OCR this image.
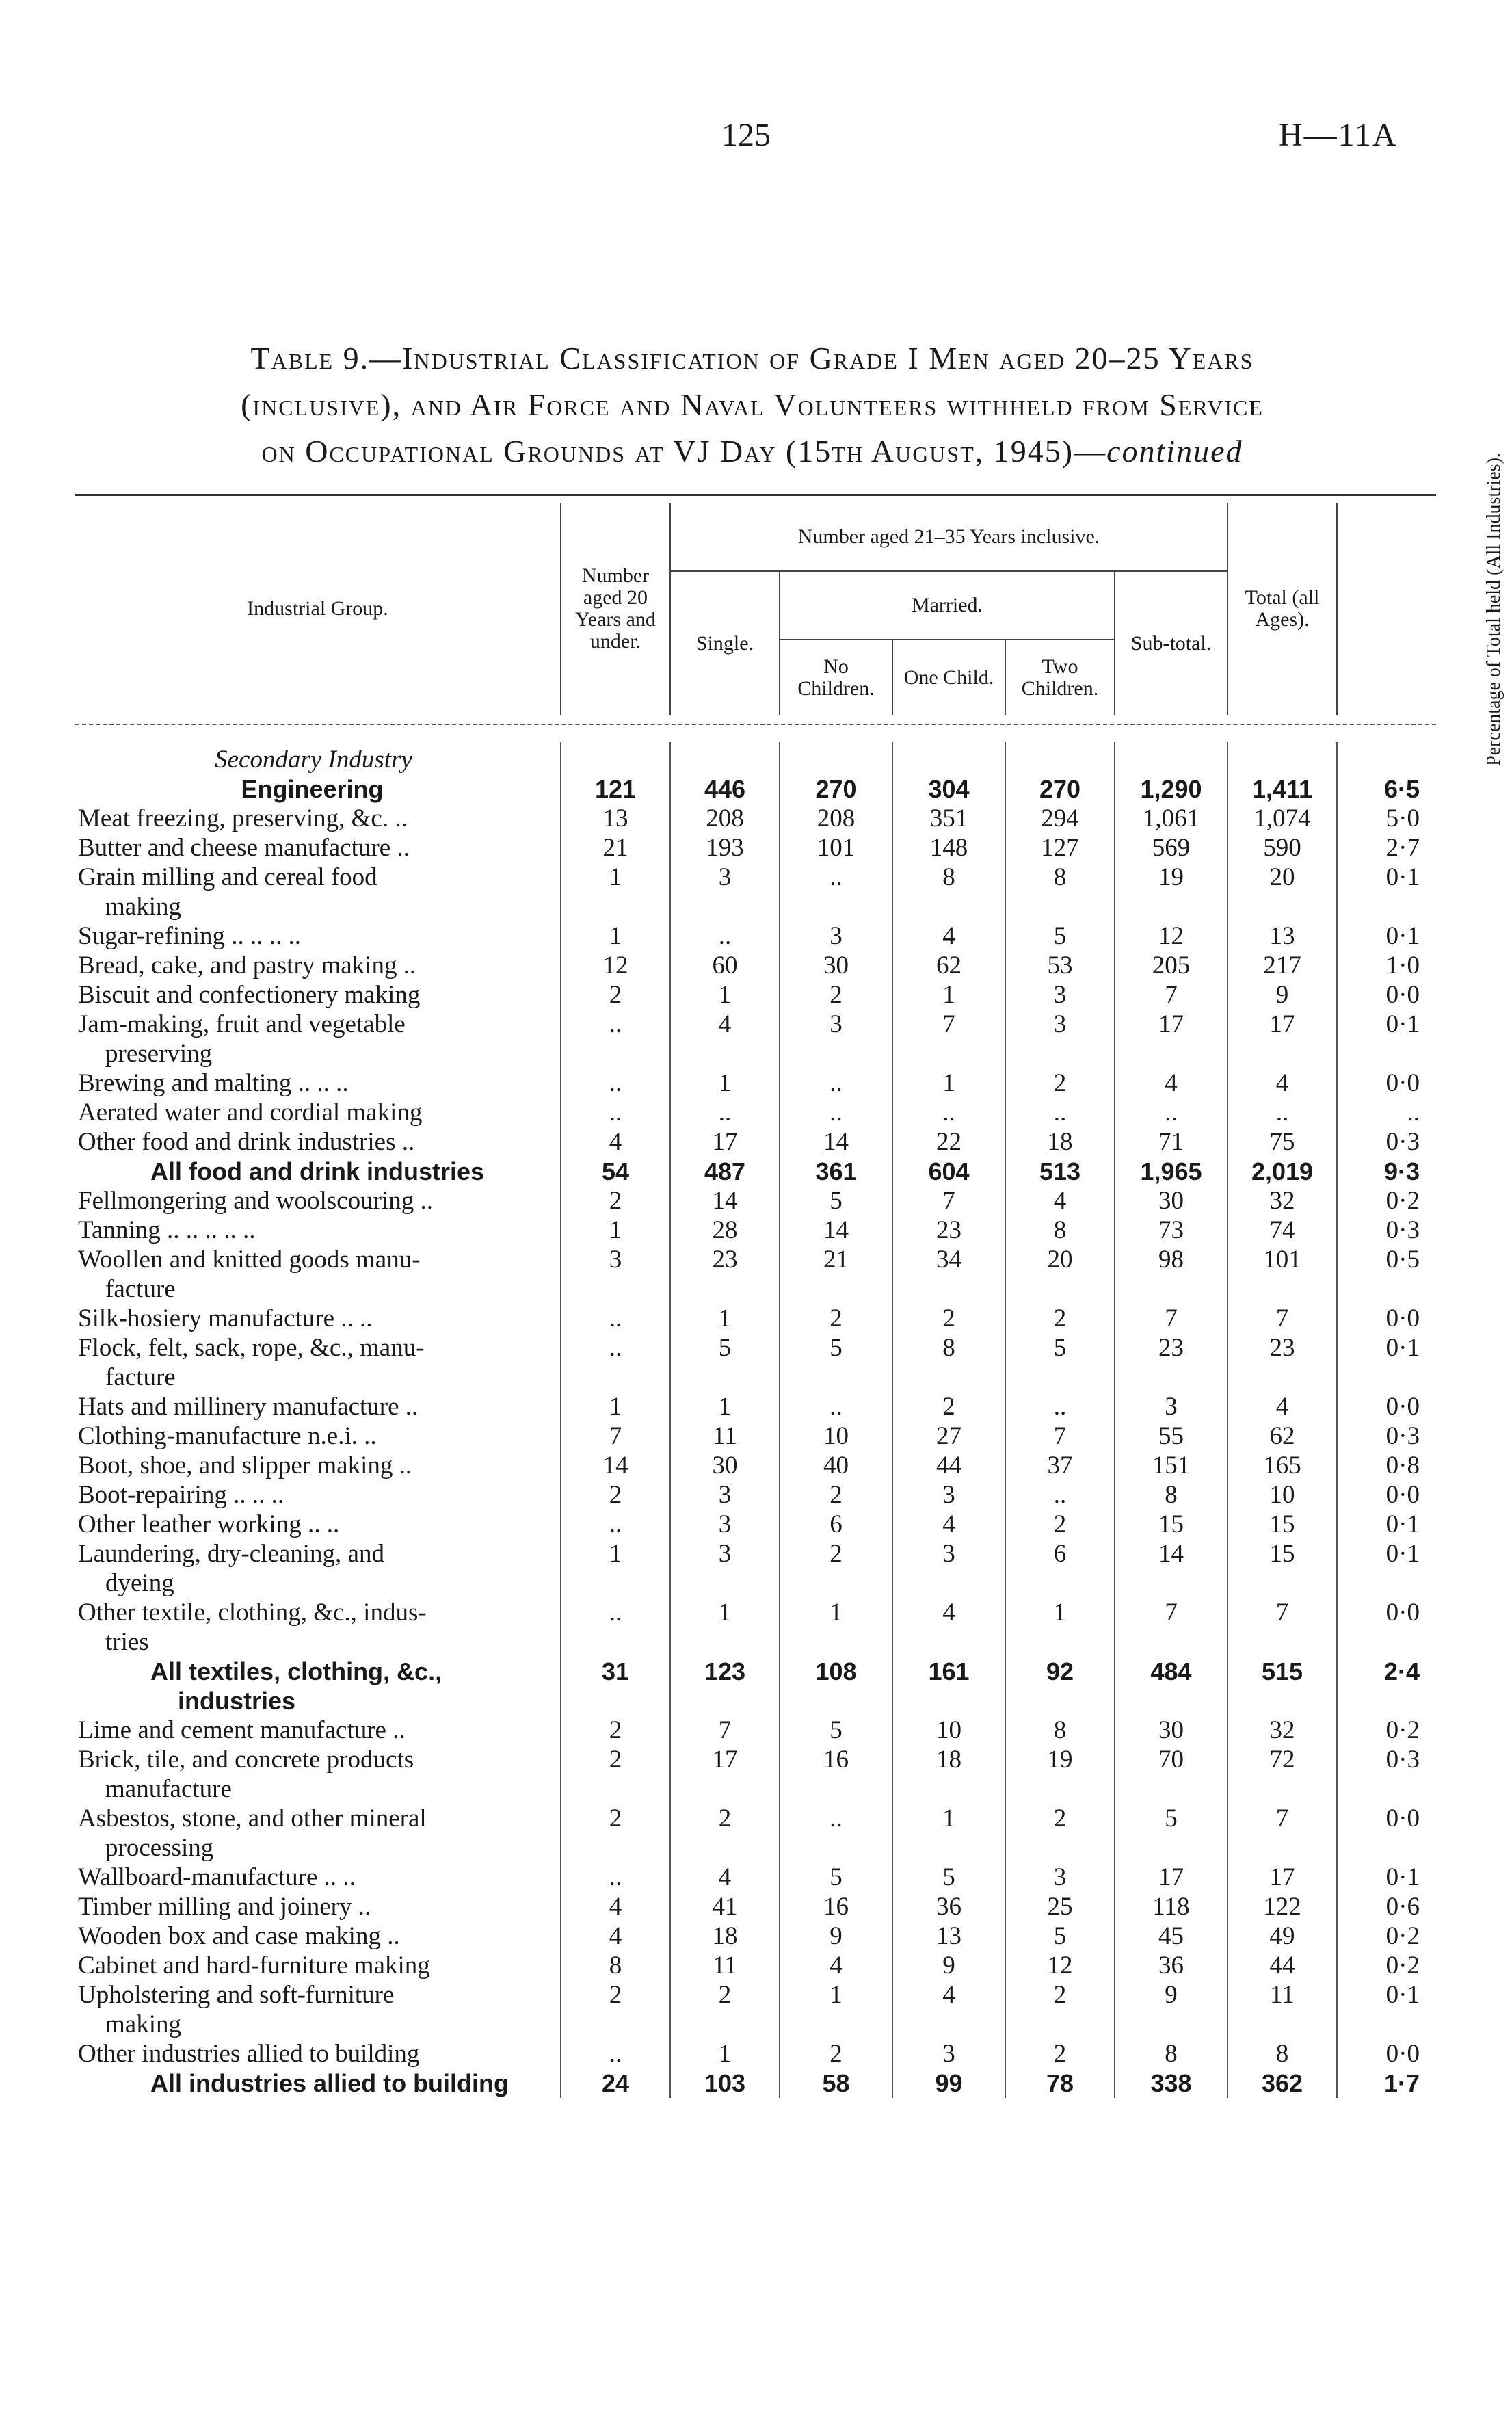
125	H—11A
Table 9.—Industrial Classification of Grade I Men aged 20–25 Years
(inclusive), and Air Force and Naval Volunteers withheld from Service
on Occupational Grounds at VJ Day (15th August, 1945)—continued
Industrial Group.	Number aged 20 Years and under.	Number aged 21–35 Years inclusive.					Total (all Ages).	Percentage of Total held (All Industries).
		Single.	Married.			Sub-total.		
			No Children.	One Child.	Two Children.			
Secondary Industry								

Engineering	121	446	270	304	270	1,290	1,411	6·5

Meat freezing, preserving, &c. ..	13	208	208	351	294	1,061	1,074	5·0

Butter and cheese manufacture ..	21	193	101	148	127	569	590	2·7

Grain milling and cereal food
making	1	3	..	8	8	19	20	0·1

Sugar-refining .. .. .. ..	1	..	3	4	5	12	13	0·1

Bread, cake, and pastry making ..	12	60	30	62	53	205	217	1·0

Biscuit and confectionery making	2	1	2	1	3	7	9	0·0

Jam-making, fruit and vegetable
preserving	..	4	3	7	3	17	17	0·1

Brewing and malting .. .. ..	..	1	..	1	2	4	4	0·0

Aerated water and cordial making	..	..	..	..	..	..	..	..

Other food and drink industries ..	4	17	14	22	18	71	75	0·3

All food and drink industries	54	487	361	604	513	1,965	2,019	9·3

Fellmongering and woolscouring ..	2	14	5	7	4	30	32	0·2

Tanning .. .. .. .. ..	1	28	14	23	8	73	74	0·3

Woollen and knitted goods manu-
facture	3	23	21	34	20	98	101	0·5

Silk-hosiery manufacture .. ..	..	1	2	2	2	7	7	0·0

Flock, felt, sack, rope, &c., manu-
facture	..	5	5	8	5	23	23	0·1

Hats and millinery manufacture ..	1	1	..	2	..	3	4	0·0

Clothing-manufacture n.e.i. ..	7	11	10	27	7	55	62	0·3

Boot, shoe, and slipper making ..	14	30	40	44	37	151	165	0·8

Boot-repairing .. .. ..	2	3	2	3	..	8	10	0·0

Other leather working .. ..	..	3	6	4	2	15	15	0·1

Laundering, dry-cleaning, and
dyeing	1	3	2	3	6	14	15	0·1

Other textile, clothing, &c., indus-
tries	..	1	1	4	1	7	7	0·0

All textiles, clothing, &c.,
industries	31	123	108	161	92	484	515	2·4

Lime and cement manufacture ..	2	7	5	10	8	30	32	0·2

Brick, tile, and concrete products
manufacture	2	17	16	18	19	70	72	0·3

Asbestos, stone, and other mineral
processing	2	2	..	1	2	5	7	0·0

Wallboard-manufacture .. ..	..	4	5	5	3	17	17	0·1

Timber milling and joinery ..	4	41	16	36	25	118	122	0·6

Wooden box and case making ..	4	18	9	13	5	45	49	0·2

Cabinet and hard-furniture making	8	11	4	9	12	36	44	0·2

Upholstering and soft-furniture
making	2	2	1	4	2	9	11	0·1

Other industries allied to building	..	1	2	3	2	8	8	0·0

All industries allied to building	24	103	58	99	78	338	362	1·7
